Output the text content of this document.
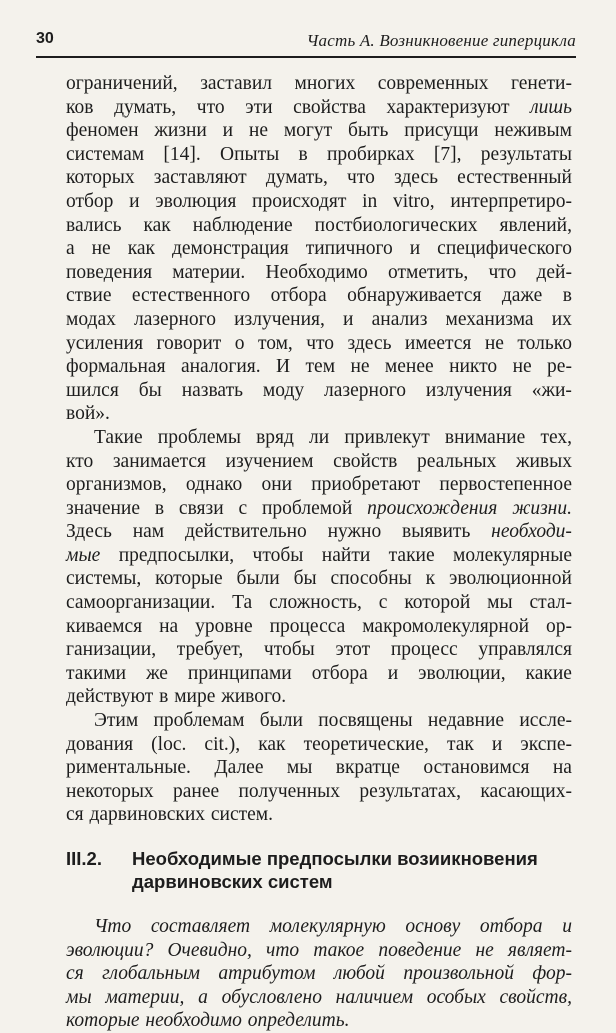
30	Часть А. Возникновение гиперцикла
ограничений, заставил многих современных генети-
ков думать, что эти свойства характеризуют лишь
феномен жизни и не могут быть присущи неживым
системам [14]. Опыты в пробирках [7], результаты
которых заставляют думать, что здесь естественный
отбор и эволюция происходят in vitro, интерпретиро-
вались как наблюдение постбиологических явлений,
а не как демонстрация типичного и специфического
поведения материи. Необходимо отметить, что дей-
ствие естественного отбора обнаруживается даже в
модах лазерного излучения, и анализ механизма их
усиления говорит о том, что здесь имеется не только
формальная аналогия. И тем не менее никто не ре-
шился бы назвать моду лазерного излучения «жи-
вой».
Такие проблемы вряд ли привлекут внимание тех,
кто занимается изучением свойств реальных живых
организмов, однако они приобретают первостепенное
значение в связи с проблемой происхождения жизни.
Здесь нам действительно нужно выявить необходи-
мые предпосылки, чтобы найти такие молекулярные
системы, которые были бы способны к эволюционной
самоорганизации. Та сложность, с которой мы стал-
киваемся на уровне процесса макромолекулярной ор-
ганизации, требует, чтобы этот процесс управлялся
такими же принципами отбора и эволюции, какие
действуют в мире живого.
Этим проблемам были посвящены недавние иссле-
дования (loc. cit.), как теоретические, так и экспе-
риментальные. Далее мы вкратце остановимся на
некоторых ранее полученных результатах, касающих-
ся дарвиновских систем.
III.2.	Необходимые предпосылки возиикновения
дарвиновских систем
Что составляет молекулярную основу отбора и
эволюции? Очевидно, что такое поведение не являет-
ся глобальным атрибутом любой произвольной фор-
мы материи, а обусловлено наличием особых свойств,
которые необходимо определить.
